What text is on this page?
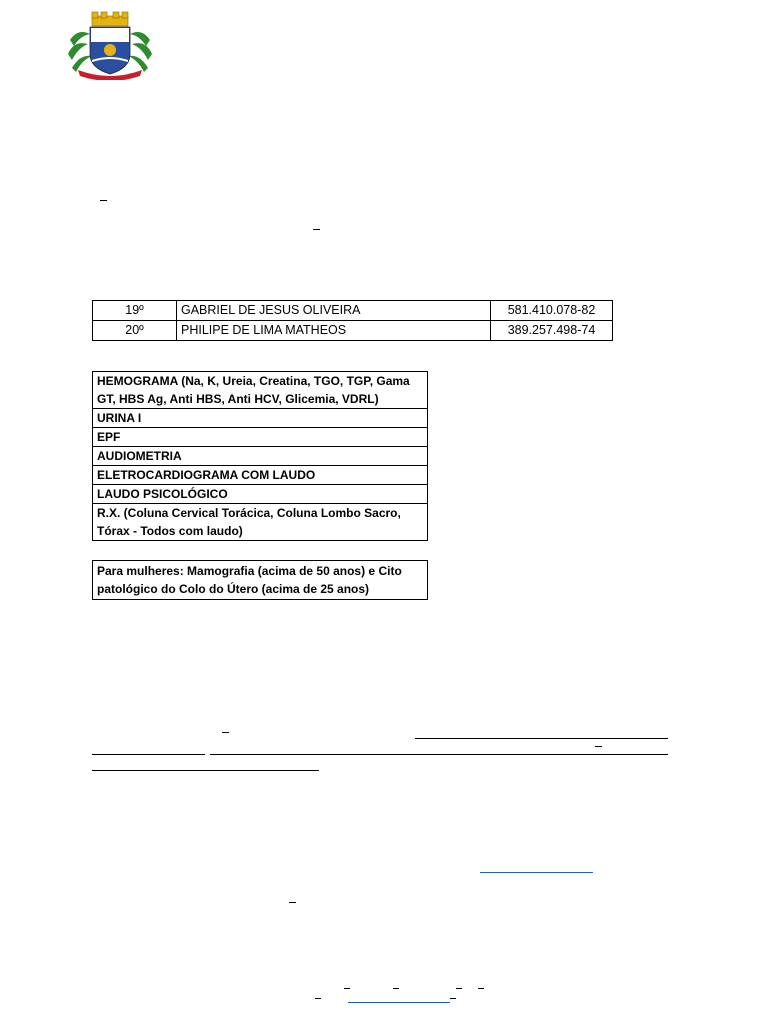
19º	GABRIEL DE JESUS OLIVEIRA	581.410.078-82
20º	PHILIPE DE LIMA MATHEOS	389.257.498-74
HEMOGRAMA (Na, K, Ureia, Creatina, TGO, TGP, Gama GT, HBS Ag, Anti HBS, Anti HCV, Glicemia, VDRL)
URINA I
EPF
AUDIOMETRIA
ELETROCARDIOGRAMA COM LAUDO
LAUDO PSICOLÓGICO
R.X. (Coluna Cervical Torácica, Coluna Lombo Sacro, Tórax - Todos com laudo)
Para mulheres: Mamografia (acima de 50 anos) e Cito patológico do Colo do Útero (acima de 25 anos)
